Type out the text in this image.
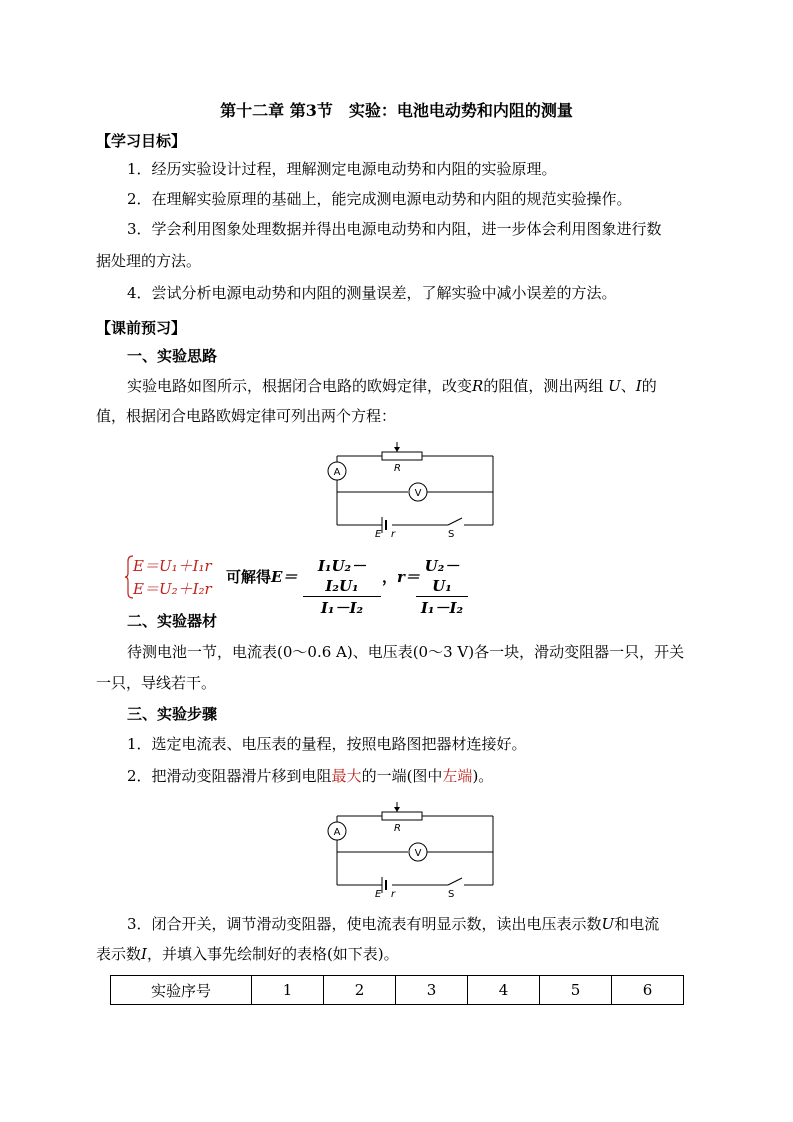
第十二章 第3节　实验：电池电动势和内阻的测量
【学习目标】
1．经历实验设计过程，理解测定电源电动势和内阻的实验原理。
2．在理解实验原理的基础上，能完成测电源电动势和内阻的规范实验操作。
3．学会利用图象处理数据并得出电源电动势和内阻，进一步体会利用图象进行数
据处理的方法。
4．尝试分析电源电动势和内阻的测量误差，了解实验中减小误差的方法。
【课前预习】
一、实验思路
实验电路如图所示，根据闭合电路的欧姆定律，改变R的阻值，测出两组 U、I的
值，根据闭合电路欧姆定律可列出两个方程：
A
V
R
E r	S
E＝U₁＋I₁r
E＝U₂＋I₂r
可解得$E= \frac{\text{I₁U₂－I₂U₁}}{\text{I₁－I₂}}$ ，r＝
$\frac{\text{U₂－U₁}}{\text{I₁－I₂}}$
二、实验器材
待测电池一节，电流表(0～0.6 A)、电压表(0～3 V)各一块，滑动变阻器一只，开关
一只，导线若干。
三、实验步骤
1．选定电流表、电压表的量程，按照电路图把器材连接好。
2．把滑动变阻器滑片移到电阻最大的一端(图中左端)。
A
V
R
E r	S
3．闭合开关，调节滑动变阻器，使电流表有明显示数，读出电压表示数U和电流
表示数I，并填入事先绘制好的表格(如下表)。
实验序号	1	2	3	4	5	6
